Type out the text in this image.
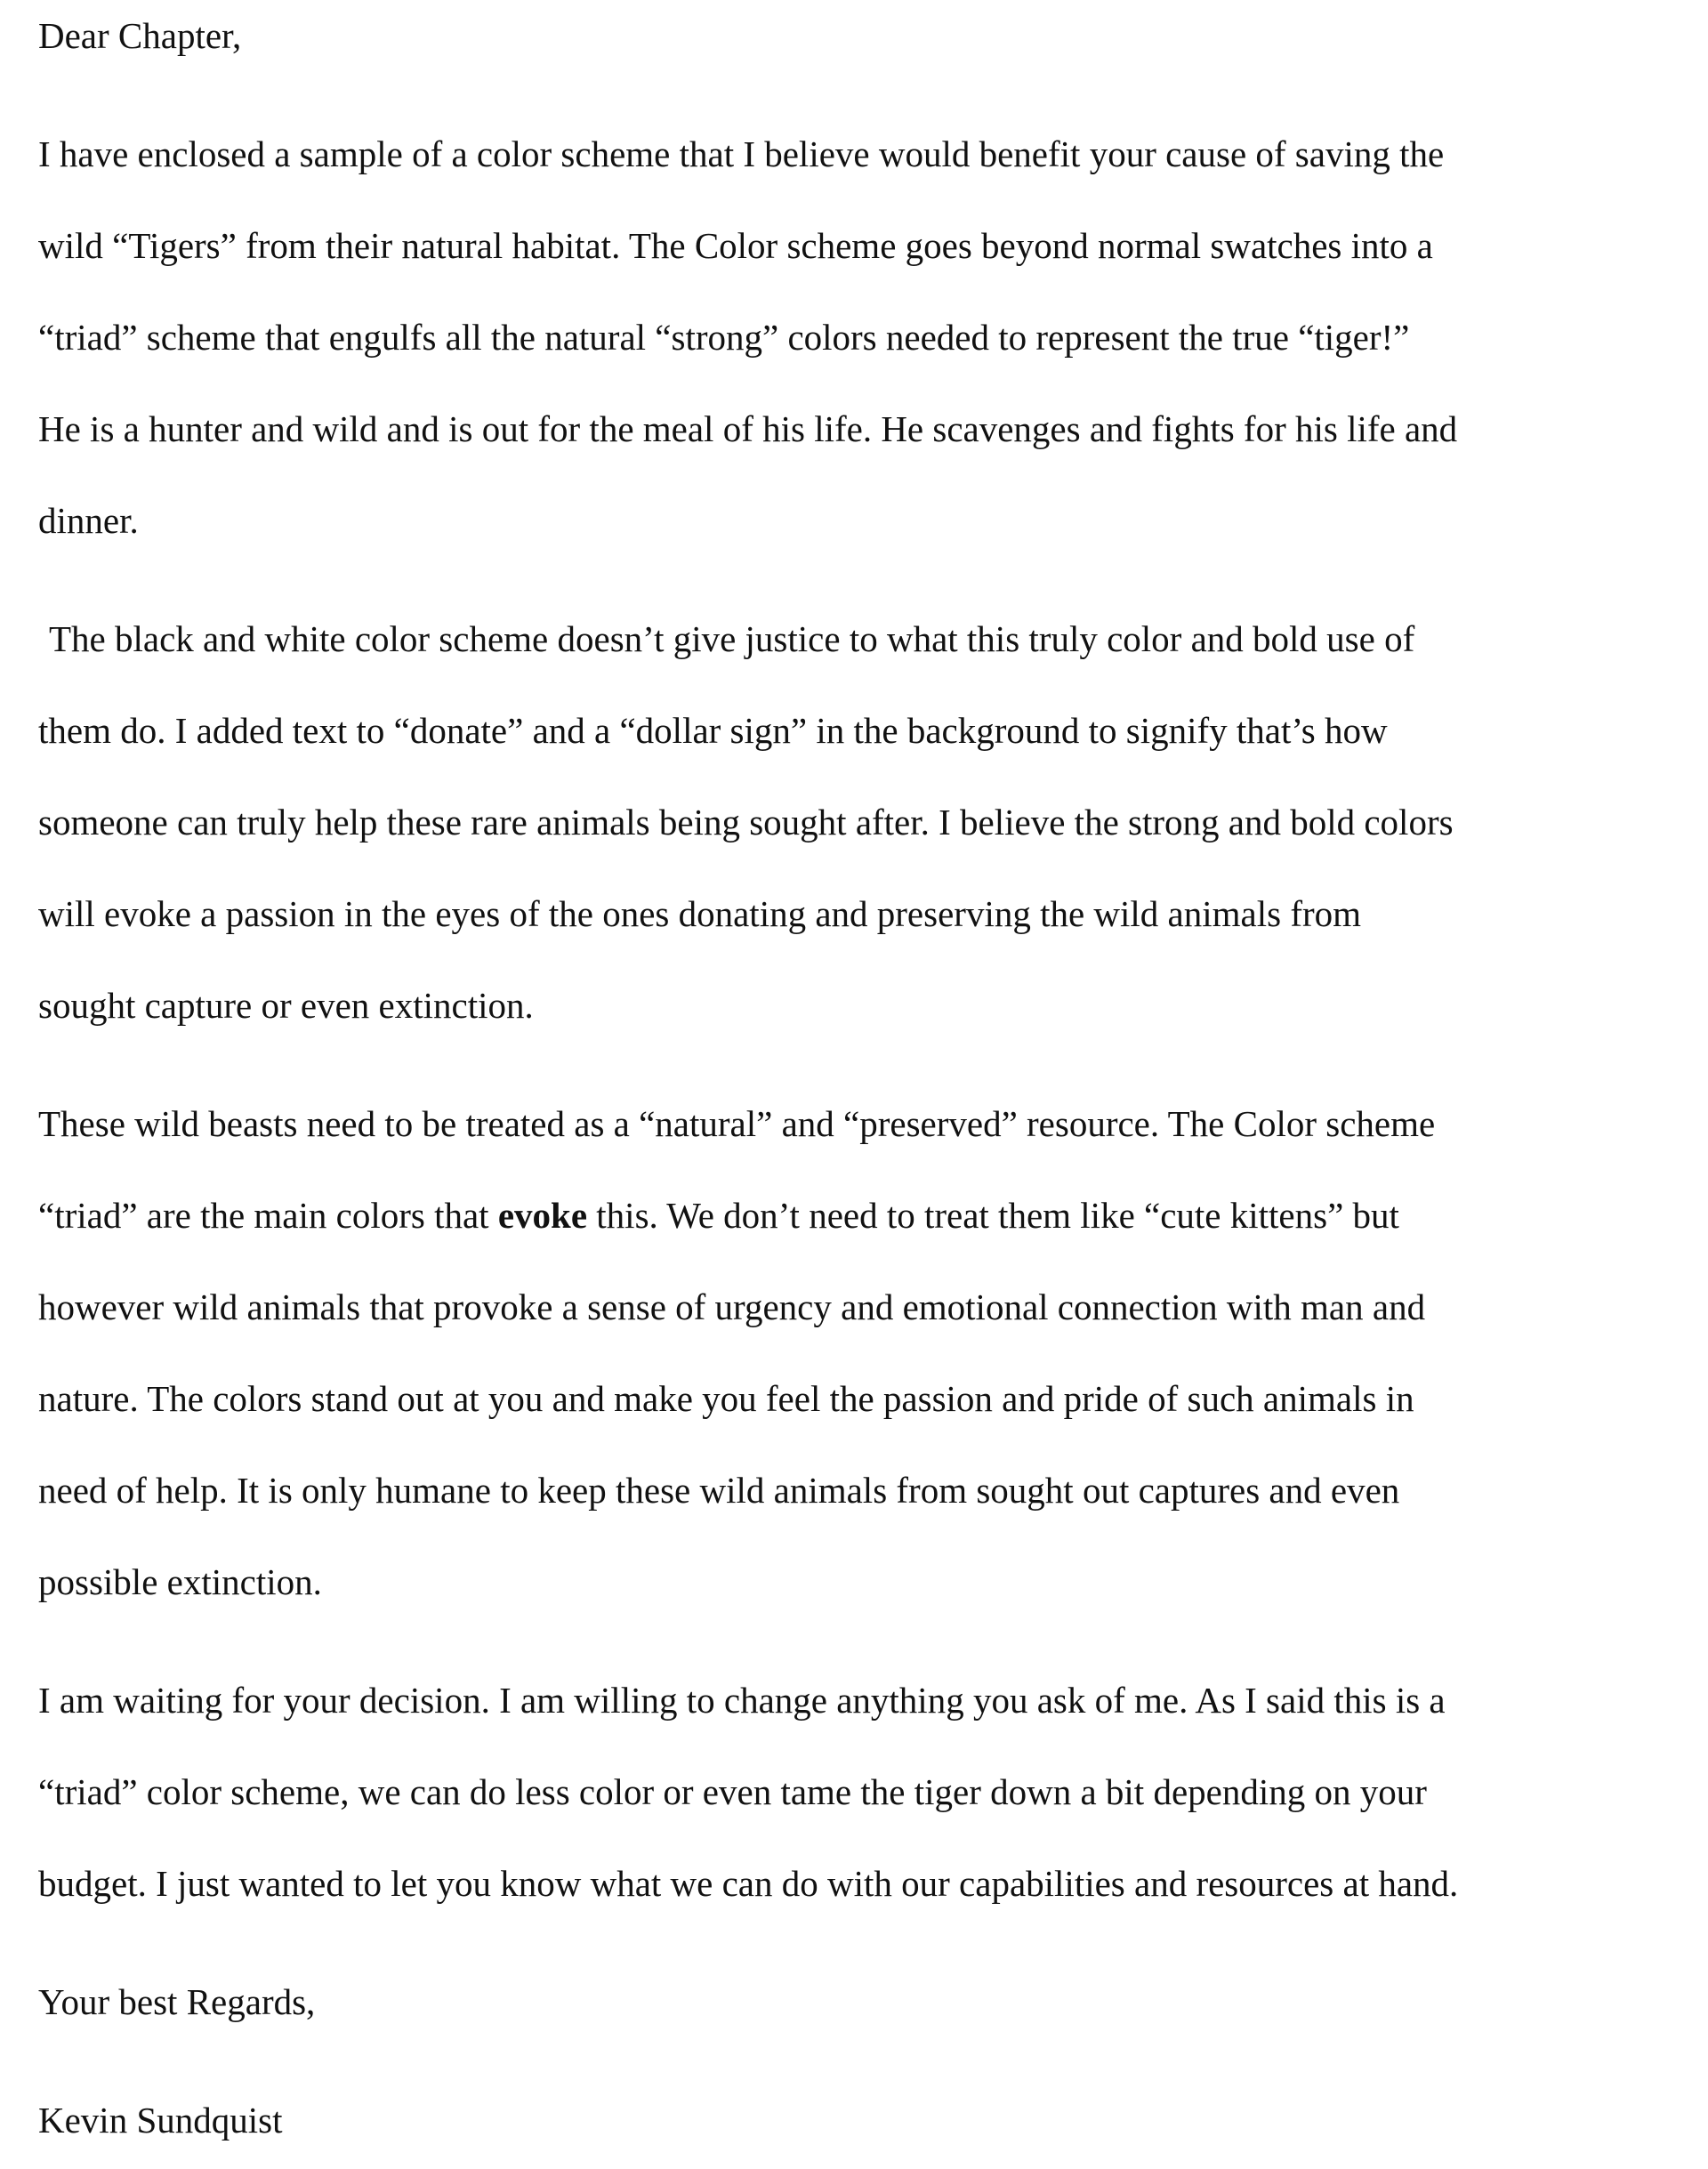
Dear Chapter,
I have enclosed a sample of a color scheme that I believe would benefit your cause of saving the
wild “Tigers” from their natural habitat. The Color scheme goes beyond normal swatches into a
“triad” scheme that engulfs all the natural “strong” colors needed to represent the true “tiger!”
He is a hunter and wild and is out for the meal of his life. He scavenges and fights for his life and
dinner.
The black and white color scheme doesn’t give justice to what this truly color and bold use of
them do. I added text to “donate” and a “dollar sign” in the background to signify that’s how
someone can truly help these rare animals being sought after. I believe the strong and bold colors
will evoke a passion in the eyes of the ones donating and preserving the wild animals from
sought capture or even extinction.
These wild beasts need to be treated as a “natural” and “preserved” resource. The Color scheme
“triad” are the main colors that evoke this. We don’t need to treat them like “cute kittens” but
however wild animals that provoke a sense of urgency and emotional connection with man and
nature. The colors stand out at you and make you feel the passion and pride of such animals in
need of help. It is only humane to keep these wild animals from sought out captures and even
possible extinction.
I am waiting for your decision. I am willing to change anything you ask of me. As I said this is a
“triad” color scheme, we can do less color or even tame the tiger down a bit depending on your
budget. I just wanted to let you know what we can do with our capabilities and resources at hand.
Your best Regards,
Kevin Sundquist
